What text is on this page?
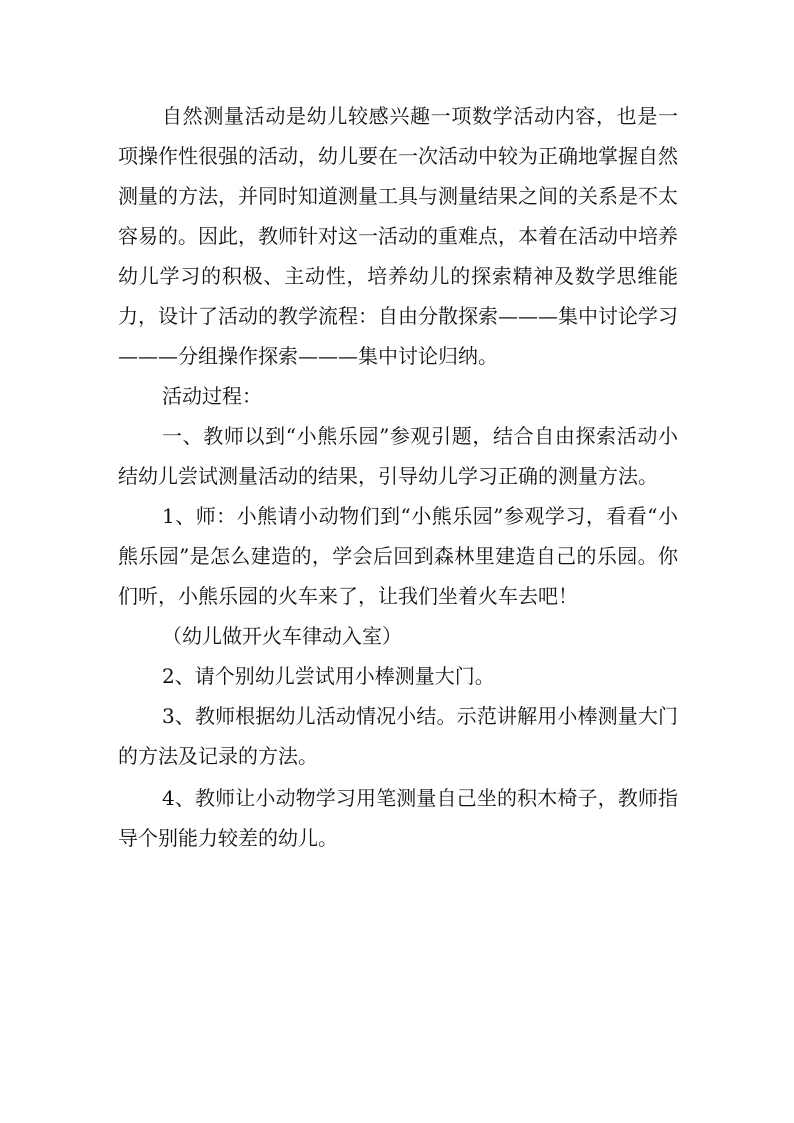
自然测量活动是幼儿较感兴趣一项数学活动内容，也是一项操作性很强的活动，幼儿要在一次活动中较为正确地掌握自然测量的方法，并同时知道测量工具与测量结果之间的关系是不太容易的。因此，教师针对这一活动的重难点，本着在活动中培养幼儿学习的积极、主动性，培养幼儿的探索精神及数学思维能力，设计了活动的教学流程：自由分散探索———集中讨论学习———分组操作探索———集中讨论归纳。

活动过程：

一、教师以到“小熊乐园”参观引题，结合自由探索活动小结幼儿尝试测量活动的结果，引导幼儿学习正确的测量方法。

1、师：小熊请小动物们到“小熊乐园”参观学习，看看“小熊乐园”是怎么建造的，学会后回到森林里建造自己的乐园。你们听，小熊乐园的火车来了，让我们坐着火车去吧！

（幼儿做开火车律动入室）

2、请个别幼儿尝试用小棒测量大门。

3、教师根据幼儿活动情况小结。示范讲解用小棒测量大门的方法及记录的方法。

4、教师让小动物学习用笔测量自己坐的积木椅子，教师指导个别能力较差的幼儿。
